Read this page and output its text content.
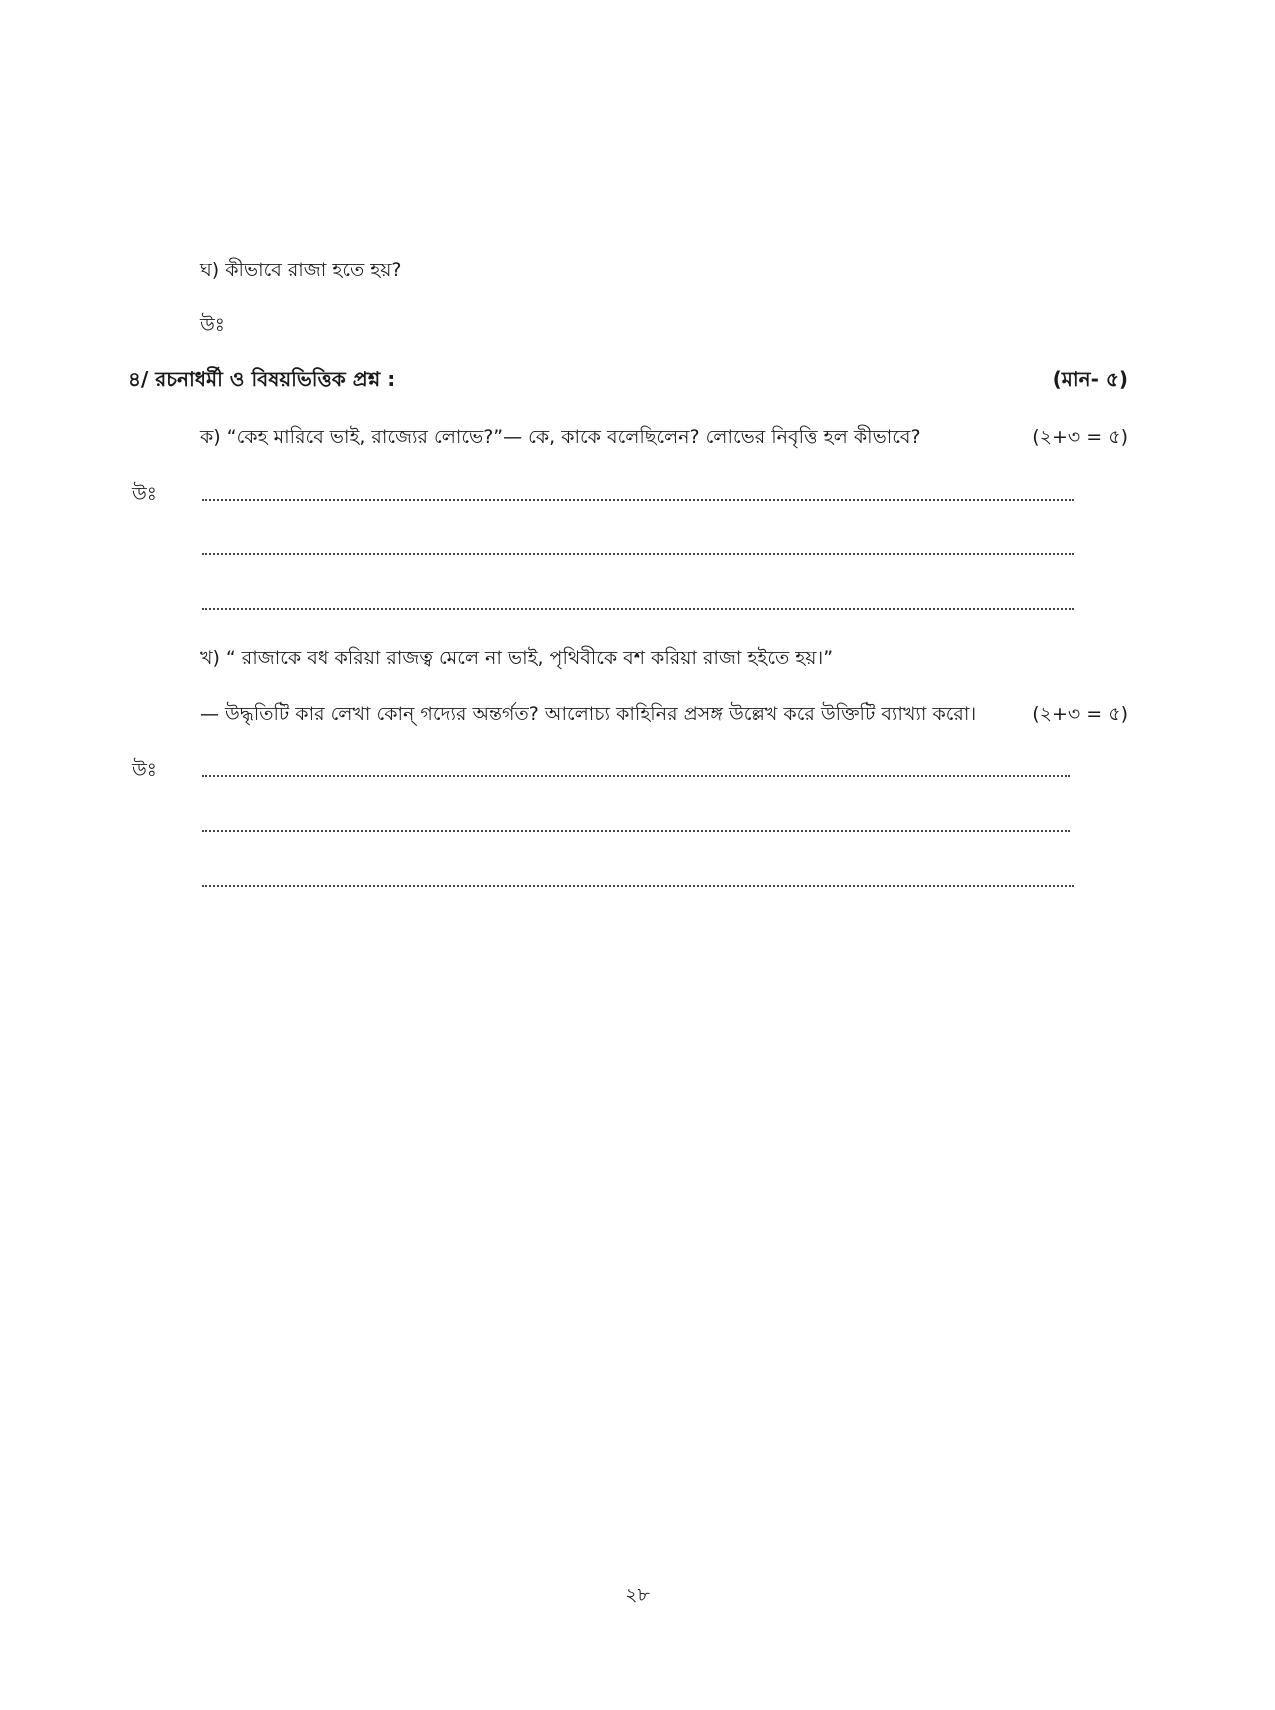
ঘ) কীভাবে রাজা হতে হয়?
উঃ
৪/ রচনাধর্মী ও বিষয়ভিত্তিক প্রশ্ন :	(মান- ৫)
ক) “কেহ মারিবে ভাই, রাজ্যের লোভে?”— কে, কাকে বলেছিলেন? লোভের নিবৃত্তি হল কীভাবে?	(২+৩ = ৫)
উঃ
খ) “ রাজাকে বধ করিয়া রাজত্ব মেলে না ভাই, পৃথিবীকে বশ করিয়া রাজা হইতে হয়।”
— উদ্ধৃতিটি কার লেখা কোন্ গদ্যের অন্তর্গত? আলোচ্য কাহিনির প্রসঙ্গ উল্লেখ করে উক্তিটি ব্যাখ্যা করো।	(২+৩ = ৫)
উঃ
২৮
